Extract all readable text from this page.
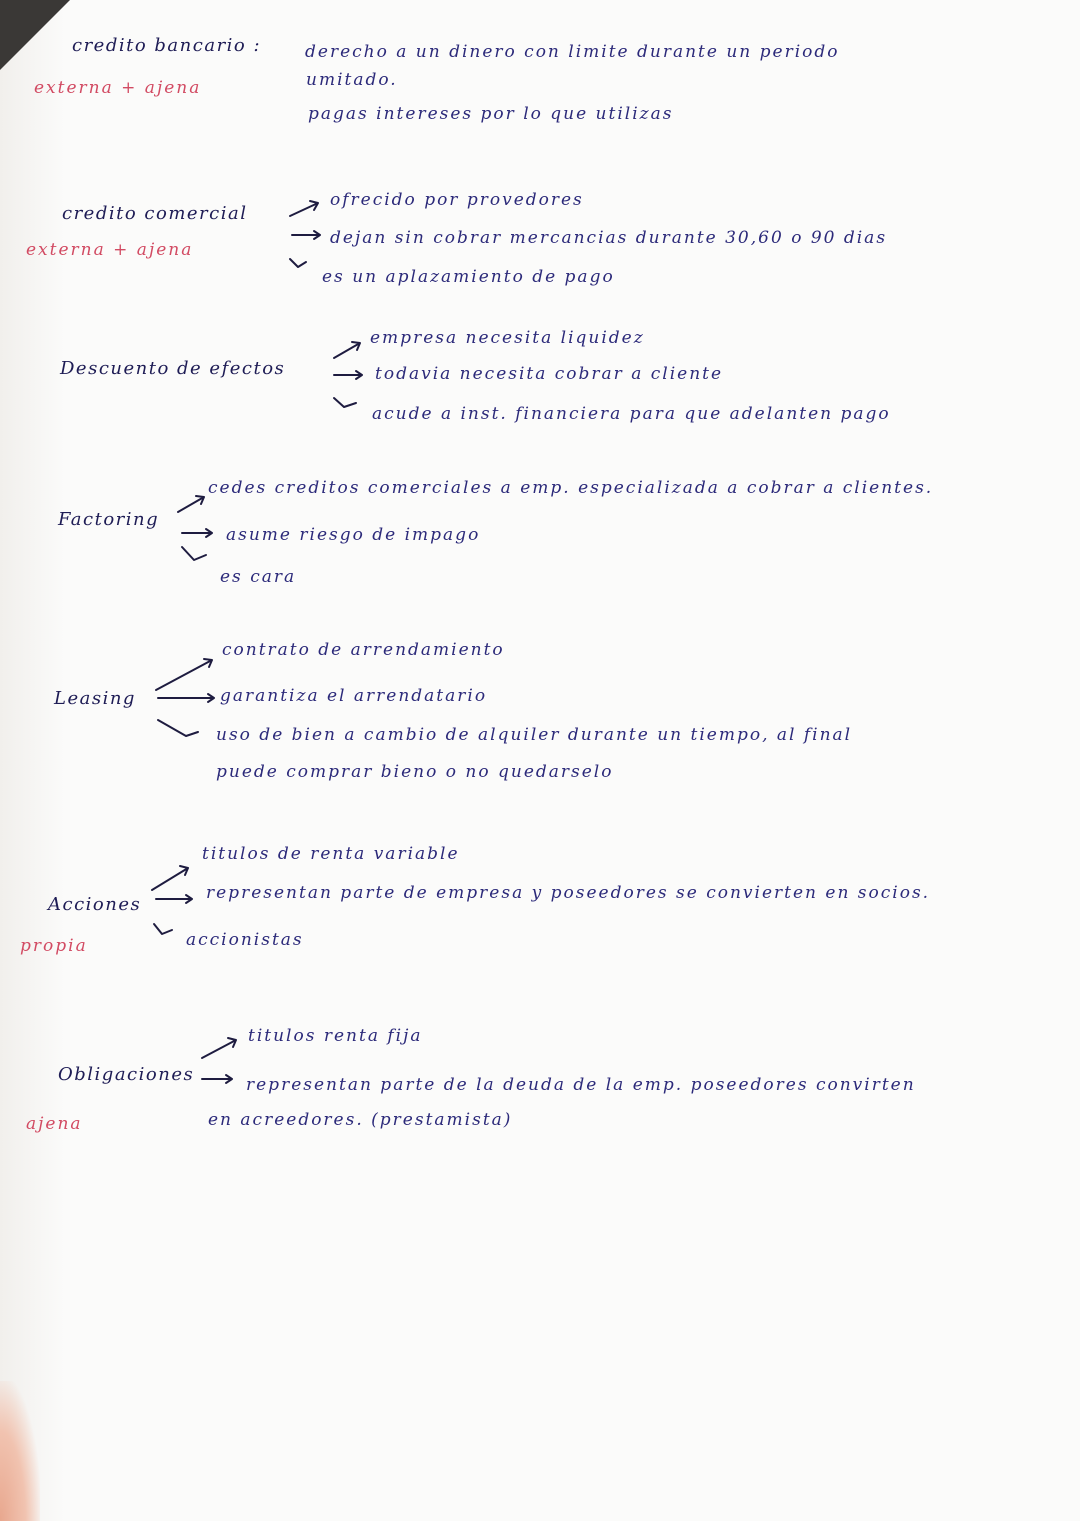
credito bancario :
externa + ajena
derecho a un dinero con limite durante un periodo
umitado.
pagas intereses por lo que utilizas
credito comercial
externa + ajena
ofrecido por provedores
dejan sin cobrar mercancias durante 30,60 o 90 dias
es un aplazamiento de pago
Descuento de efectos
empresa necesita liquidez
todavia necesita cobrar a cliente
acude a inst. financiera para que adelanten pago
Factoring
cedes creditos comerciales a emp. especializada a cobrar a clientes.
asume riesgo de impago
es cara
Leasing
contrato de arrendamiento
garantiza el arrendatario
uso de bien a cambio de alquiler durante un tiempo, al final
puede comprar bieno o no quedarselo
Acciones
propia
titulos de renta variable
representan parte de empresa y poseedores se convierten en socios.
accionistas
Obligaciones
ajena
titulos renta fija
representan parte de la deuda de la emp. poseedores convirten
en acreedores. (prestamista)
